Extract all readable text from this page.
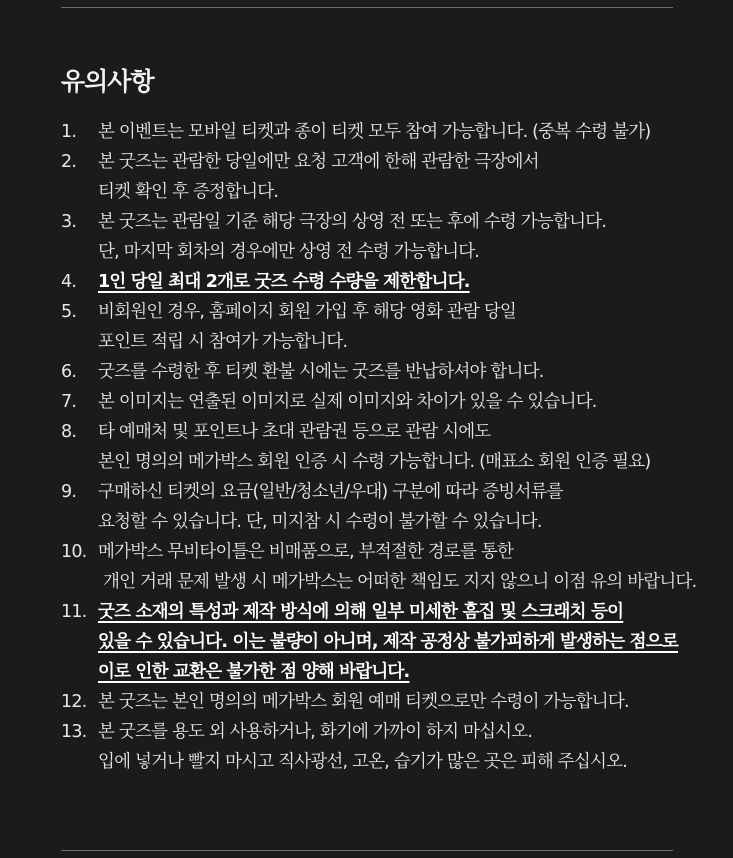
유의사항
1. 본 이벤트는 모바일 티켓과 종이 티켓 모두 참여 가능합니다. (중복 수령 불가)
2. 본 굿즈는 관람한 당일에만 요청 고객에 한해 관람한 극장에서
티켓 확인 후 증정합니다.
3. 본 굿즈는 관람일 기준 해당 극장의 상영 전 또는 후에 수령 가능합니다.
단, 마지막 회차의 경우에만 상영 전 수령 가능합니다.
4. 1인 당일 최대 2개로 굿즈 수령 수량을 제한합니다.
5. 비회원인 경우, 홈페이지 회원 가입 후 해당 영화 관람 당일
포인트 적립 시 참여가 가능합니다.
6. 굿즈를 수령한 후 티켓 환불 시에는 굿즈를 반납하셔야 합니다.
7. 본 이미지는 연출된 이미지로 실제 이미지와 차이가 있을 수 있습니다.
8. 타 예매처 및 포인트나 초대 관람권 등으로 관람 시에도
본인 명의의 메가박스 회원 인증 시 수령 가능합니다. (매표소 회원 인증 필요)
9. 구매하신 티켓의 요금(일반/청소년/우대) 구분에 따라 증빙서류를
요청할 수 있습니다. 단, 미지참 시 수령이 불가할 수 있습니다.
10. 메가박스 무비타이틀은 비매품으로, 부적절한 경로를 통한
개인 거래 문제 발생 시 메가박스는 어떠한 책임도 지지 않으니 이점 유의 바랍니다.
11. 굿즈 소재의 특성과 제작 방식에 의해 일부 미세한 흠집 및 스크래치 등이
있을 수 있습니다. 이는 불량이 아니며, 제작 공정상 불가피하게 발생하는 점으로
이로 인한 교환은 불가한 점 양해 바랍니다.
12. 본 굿즈는 본인 명의의 메가박스 회원 예매 티켓으로만 수령이 가능합니다.
13. 본 굿즈를 용도 외 사용하거나, 화기에 가까이 하지 마십시오.
입에 넣거나 빨지 마시고 직사광선, 고온, 습기가 많은 곳은 피해 주십시오.
